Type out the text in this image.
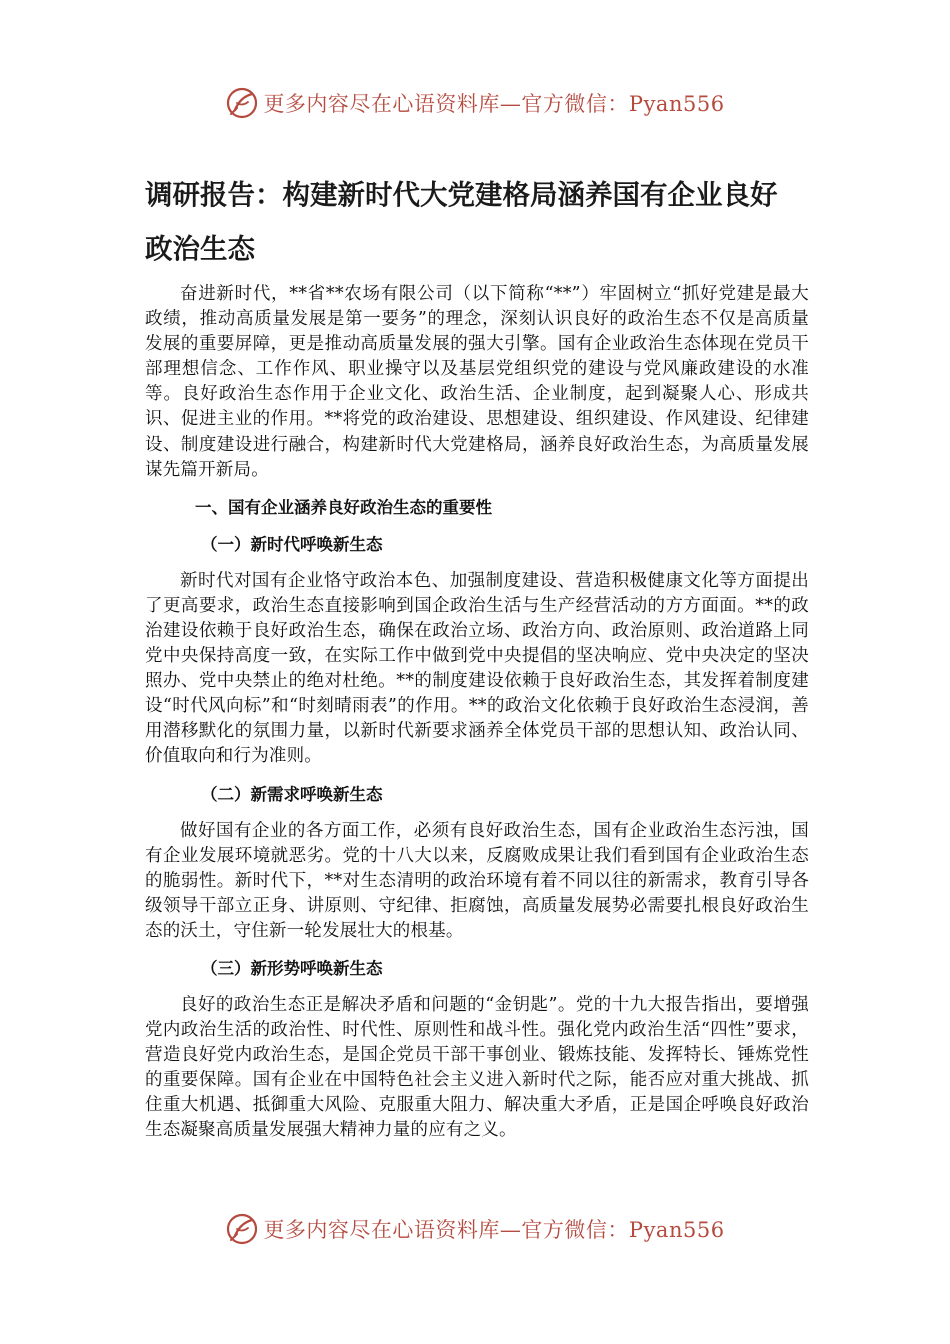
更多内容尽在心语资料库—官方微信：Pyan556
调研报告：构建新时代大党建格局涵养国有企业良好
政治生态

奋进新时代，**省**农场有限公司（以下简称“**”）牢固树立“抓好党建是最大政绩，推动高质量发展是第一要务”的理念，深刻认识良好的政治生态不仅是高质量发展的重要屏障，更是推动高质量发展的强大引擎。国有企业政治生态体现在党员干部理想信念、工作作风、职业操守以及基层党组织党的建设与党风廉政建设的水准等。良好政治生态作用于企业文化、政治生活、企业制度，起到凝聚人心、形成共识、促进主业的作用。**将党的政治建设、思想建设、组织建设、作风建设、纪律建设、制度建设进行融合，构建新时代大党建格局，涵养良好政治生态，为高质量发展谋先篇开新局。

一、国有企业涵养良好政治生态的重要性

（一）新时代呼唤新生态

新时代对国有企业恪守政治本色、加强制度建设、营造积极健康文化等方面提出了更高要求，政治生态直接影响到国企政治生活与生产经营活动的方方面面。**的政治建设依赖于良好政治生态，确保在政治立场、政治方向、政治原则、政治道路上同党中央保持高度一致，在实际工作中做到党中央提倡的坚决响应、党中央决定的坚决照办、党中央禁止的绝对杜绝。**的制度建设依赖于良好政治生态，其发挥着制度建设“时代风向标”和“时刻晴雨表”的作用。**的政治文化依赖于良好政治生态浸润，善用潜移默化的氛围力量，以新时代新要求涵养全体党员干部的思想认知、政治认同、价值取向和行为准则。

（二）新需求呼唤新生态

做好国有企业的各方面工作，必须有良好政治生态，国有企业政治生态污浊，国有企业发展环境就恶劣。党的十八大以来，反腐败成果让我们看到国有企业政治生态的脆弱性。新时代下，**对生态清明的政治环境有着不同以往的新需求，教育引导各级领导干部立正身、讲原则、守纪律、拒腐蚀，高质量发展势必需要扎根良好政治生态的沃土，守住新一轮发展壮大的根基。

（三）新形势呼唤新生态

良好的政治生态正是解决矛盾和问题的“金钥匙”。党的十九大报告指出，要增强党内政治生活的政治性、时代性、原则性和战斗性。强化党内政治生活“四性”要求，营造良好党内政治生态，是国企党员干部干事创业、锻炼技能、发挥特长、锤炼党性的重要保障。国有企业在中国特色社会主义进入新时代之际，能否应对重大挑战、抓住重大机遇、抵御重大风险、克服重大阻力、解决重大矛盾，正是国企呼唤良好政治生态凝聚高质量发展强大精神力量的应有之义。

更多内容尽在心语资料库—官方微信：Pyan556
